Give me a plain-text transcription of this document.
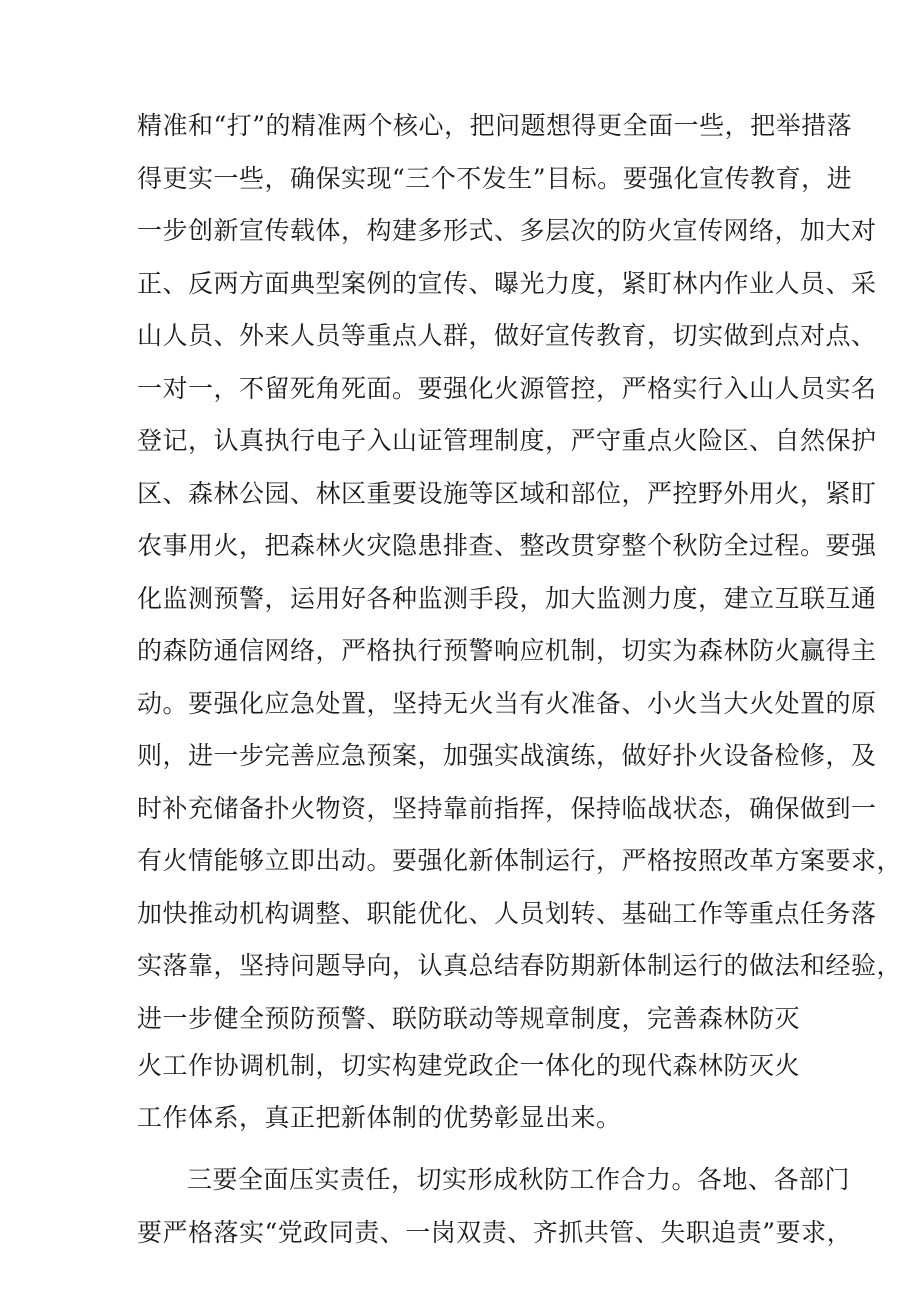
精准和“打”的精准两个核心，把问题想得更全面一些，把举措落
得更实一些，确保实现“三个不发生”目标。要强化宣传教育，进
一步创新宣传载体，构建多形式、多层次的防火宣传网络，加大对
正、反两方面典型案例的宣传、曝光力度，紧盯林内作业人员、采
山人员、外来人员等重点人群，做好宣传教育，切实做到点对点、
一对一，不留死角死面。要强化火源管控，严格实行入山人员实名
登记，认真执行电子入山证管理制度，严守重点火险区、自然保护
区、森林公园、林区重要设施等区域和部位，严控野外用火，紧盯
农事用火，把森林火灾隐患排查、整改贯穿整个秋防全过程。要强
化监测预警，运用好各种监测手段，加大监测力度，建立互联互通
的森防通信网络，严格执行预警响应机制，切实为森林防火赢得主
动。要强化应急处置，坚持无火当有火准备、小火当大火处置的原
则，进一步完善应急预案，加强实战演练，做好扑火设备检修，及
时补充储备扑火物资，坚持靠前指挥，保持临战状态，确保做到一
有火情能够立即出动。要强化新体制运行，严格按照改革方案要求，
加快推动机构调整、职能优化、人员划转、基础工作等重点任务落
实落靠，坚持问题导向，认真总结春防期新体制运行的做法和经验，
进一步健全预防预警、联防联动等规章制度，完善森林防灭
火工作协调机制，切实构建党政企一体化的现代森林防灭火
工作体系，真正把新体制的优势彰显出来。
三要全面压实责任，切实形成秋防工作合力。各地、各部门
要严格落实“党政同责、一岗双责、齐抓共管、失职追责”要求，
